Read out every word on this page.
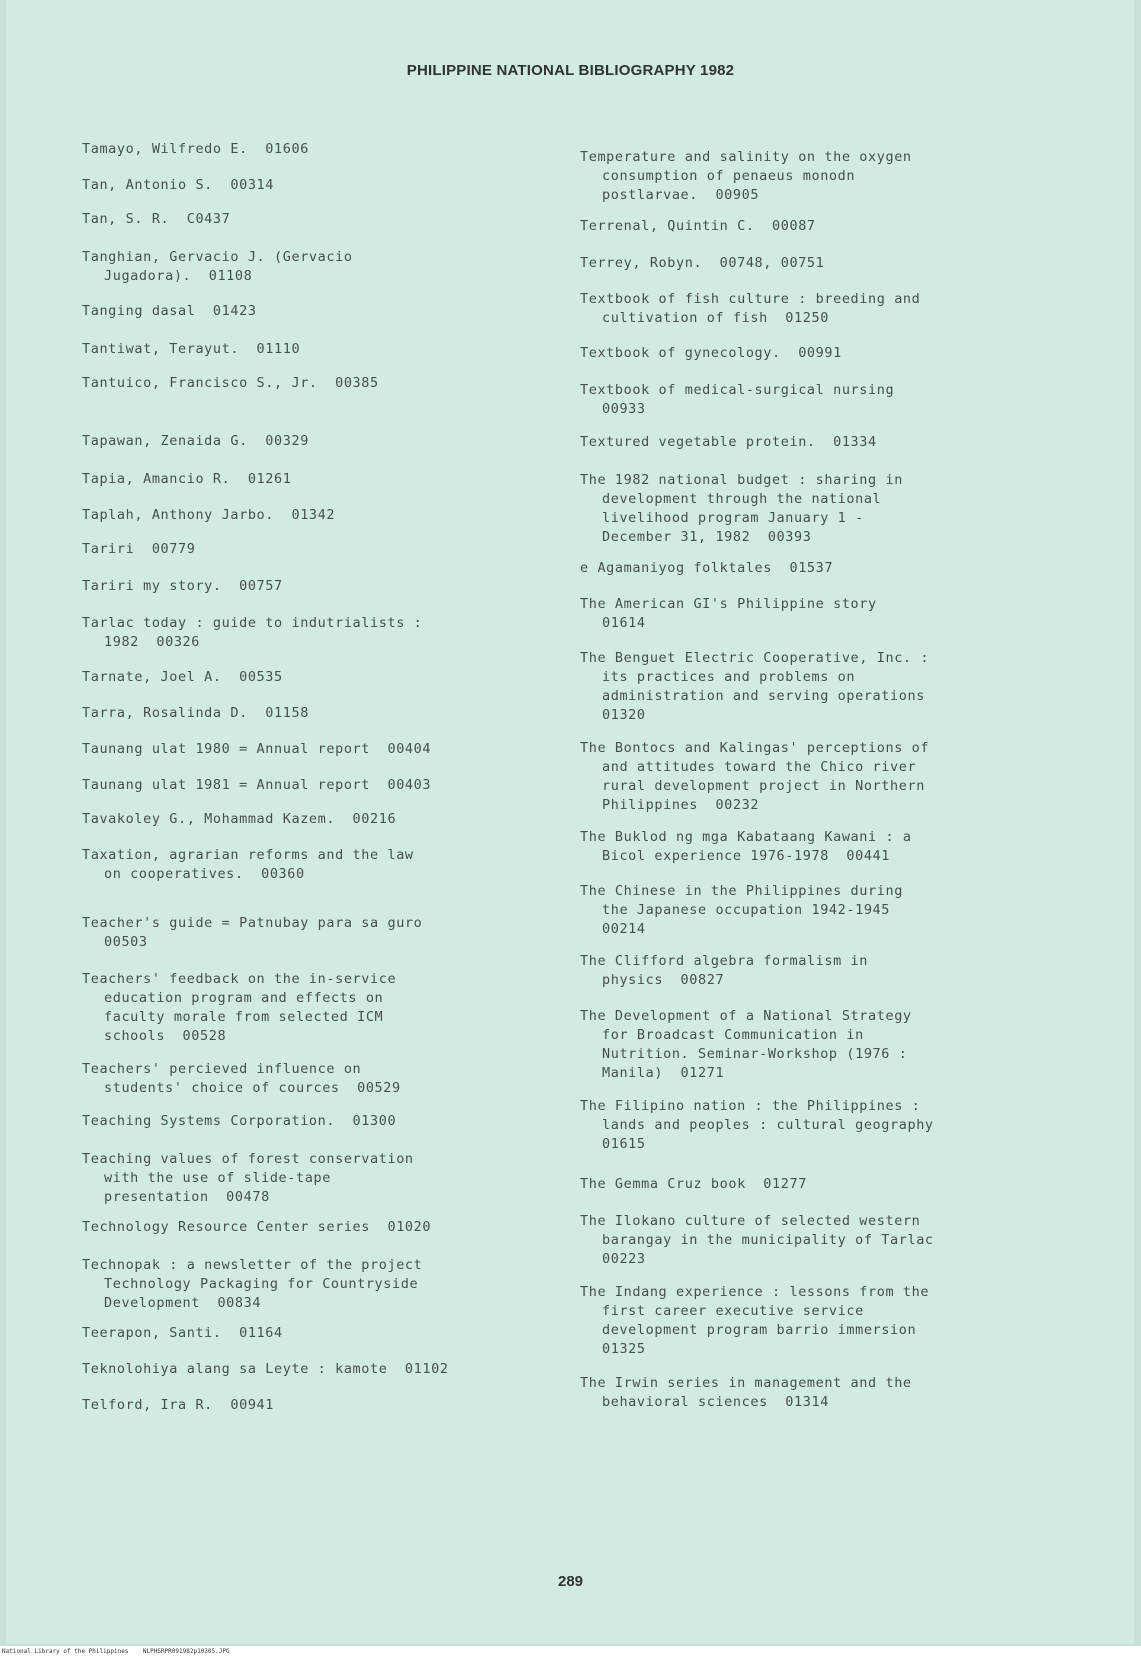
PHILIPPINE NATIONAL BIBLIOGRAPHY 1982
Tamayo, Wilfredo E.  01606
Tan, Antonio S.  00314
Tan, S. R.  C0437
Tanghian, Gervacio J. (Gervacio
Jugadora).  01108
Tanging dasal  01423
Tantiwat, Terayut.  01110
Tantuico, Francisco S., Jr.  00385
Tapawan, Zenaida G.  00329
Tapia, Amancio R.  01261
Taplah, Anthony Jarbo.  01342
Tariri  00779
Tariri my story.  00757
Tarlac today : guide to indutrialists :
1982  00326
Tarnate, Joel A.  00535
Tarra, Rosalinda D.  01158
Taunang ulat 1980 = Annual report  00404
Taunang ulat 1981 = Annual report  00403
Tavakoley G., Mohammad Kazem.  00216
Taxation, agrarian reforms and the law
on cooperatives.  00360
Teacher's guide = Patnubay para sa guro
00503
Teachers' feedback on the in-service
education program and effects on
faculty morale from selected ICM
schools  00528
Teachers' percieved influence on
students' choice of cources  00529
Teaching Systems Corporation.  01300
Teaching values of forest conservation
with the use of slide-tape
presentation  00478
Technology Resource Center series  01020
Technopak : a newsletter of the project
Technology Packaging for Countryside
Development  00834
Teerapon, Santi.  01164
Teknolohiya alang sa Leyte : kamote  01102
Telford, Ira R.  00941
Temperature and salinity on the oxygen
consumption of penaeus monodn
postlarvae.  00905
Terrenal, Quintin C.  00087
Terrey, Robyn.  00748, 00751
Textbook of fish culture : breeding and
cultivation of fish  01250
Textbook of gynecology.  00991
Textbook of medical-surgical nursing
00933
Textured vegetable protein.  01334
The 1982 national budget : sharing in
development through the national
livelihood program January 1 -
December 31, 1982  00393
e Agamaniyog folktales  01537
The American GI's Philippine story
01614
The Benguet Electric Cooperative, Inc. :
its practices and problems on
administration and serving operations
01320
The Bontocs and Kalingas' perceptions of
and attitudes toward the Chico river
rural development project in Northern
Philippines  00232
The Buklod ng mga Kabataang Kawani : a
Bicol experience 1976-1978  00441
The Chinese in the Philippines during
the Japanese occupation 1942-1945
00214
The Clifford algebra formalism in
physics  00827
The Development of a National Strategy
for Broadcast Communication in
Nutrition. Seminar-Workshop (1976 :
Manila)  01271
The Filipino nation : the Philippines :
lands and peoples : cultural geography
01615
The Gemma Cruz book  01277
The Ilokano culture of selected western
barangay in the municipality of Tarlac
00223
The Indang experience : lessons from the
first career executive service
development program barrio immersion
01325
The Irwin series in management and the
behavioral sciences  01314
289
National Library of the Philippines    NLPHSRPR091982p10305.JPG
